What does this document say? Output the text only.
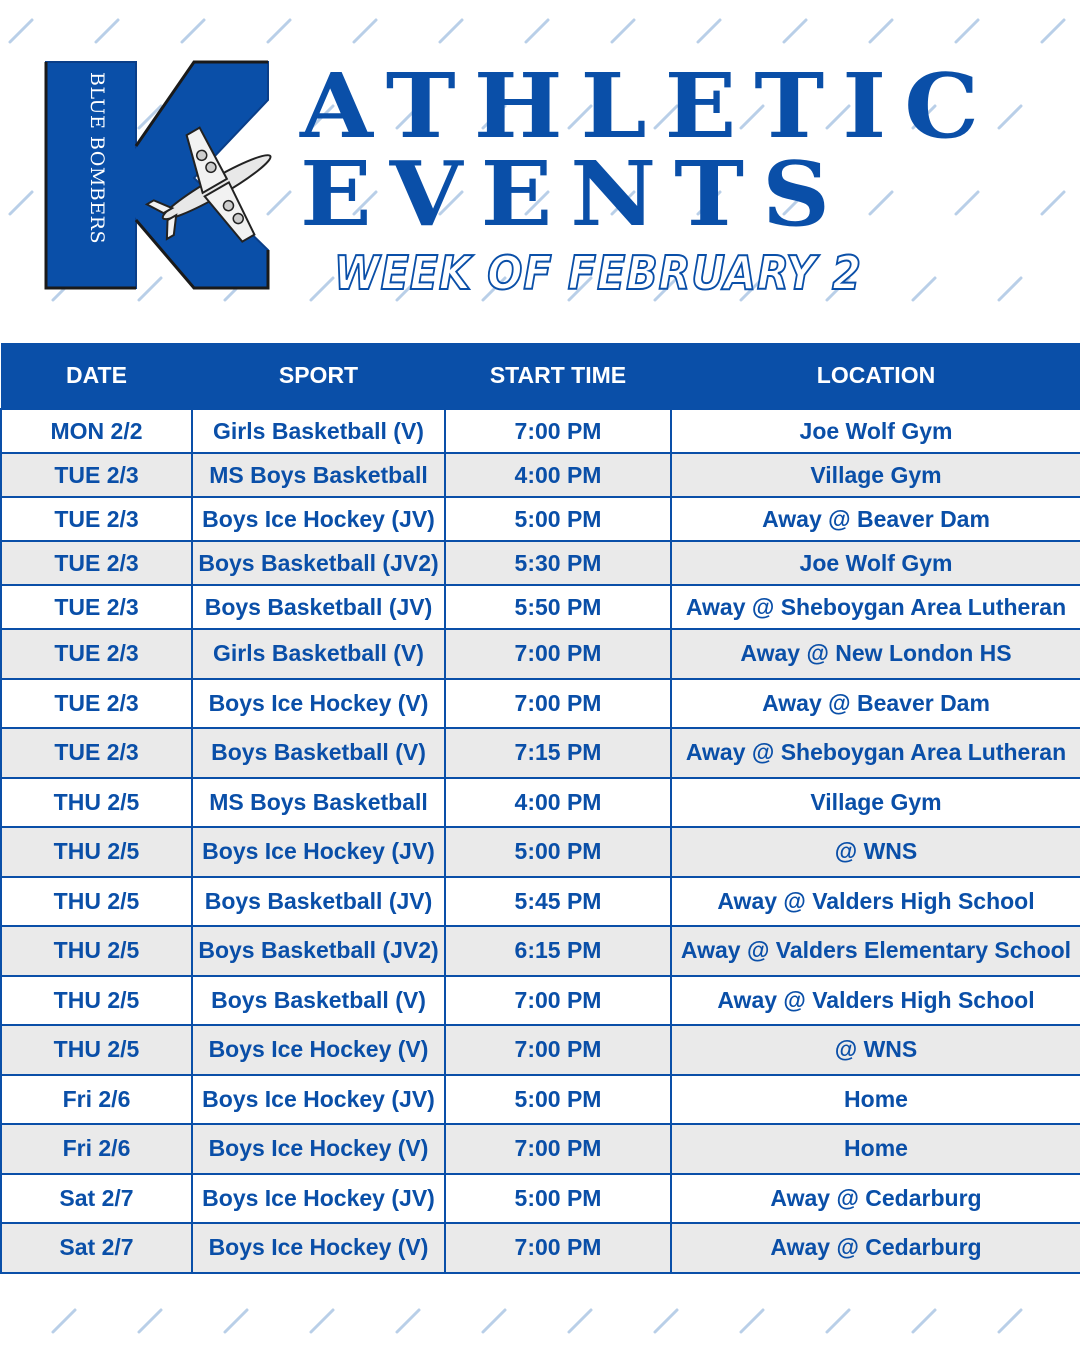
BLUE BOMBERS ATHLETIC
EVENTS
WEEK OF FEBRUARY 2
DATE	SPORT	START TIME	LOCATION
MON 2/2	Girls Basketball (V)	7:00 PM	Joe Wolf Gym
TUE 2/3	MS Boys Basketball	4:00 PM	Village Gym
TUE 2/3	Boys Ice Hockey (JV)	5:00 PM	Away @ Beaver Dam
TUE 2/3	Boys Basketball (JV2)	5:30 PM	Joe Wolf Gym
TUE 2/3	Boys Basketball (JV)	5:50 PM	Away @ Sheboygan Area Lutheran
TUE 2/3	Girls Basketball (V)	7:00 PM	Away @ New London HS
TUE 2/3	Boys Ice Hockey (V)	7:00 PM	Away @ Beaver Dam
TUE 2/3	Boys Basketball (V)	7:15 PM	Away @ Sheboygan Area Lutheran
THU 2/5	MS Boys Basketball	4:00 PM	Village Gym
THU 2/5	Boys Ice Hockey (JV)	5:00 PM	@ WNS
THU 2/5	Boys Basketball (JV)	5:45 PM	Away @ Valders High School
THU 2/5	Boys Basketball (JV2)	6:15 PM	Away @ Valders Elementary School
THU 2/5	Boys Basketball (V)	7:00 PM	Away @ Valders High School
THU 2/5	Boys Ice Hockey (V)	7:00 PM	@ WNS
Fri 2/6	Boys Ice Hockey (JV)	5:00 PM	Home
Fri 2/6	Boys Ice Hockey (V)	7:00 PM	Home
Sat 2/7	Boys Ice Hockey (JV)	5:00 PM	Away @ Cedarburg
Sat 2/7	Boys Ice Hockey (V)	7:00 PM	Away @ Cedarburg
